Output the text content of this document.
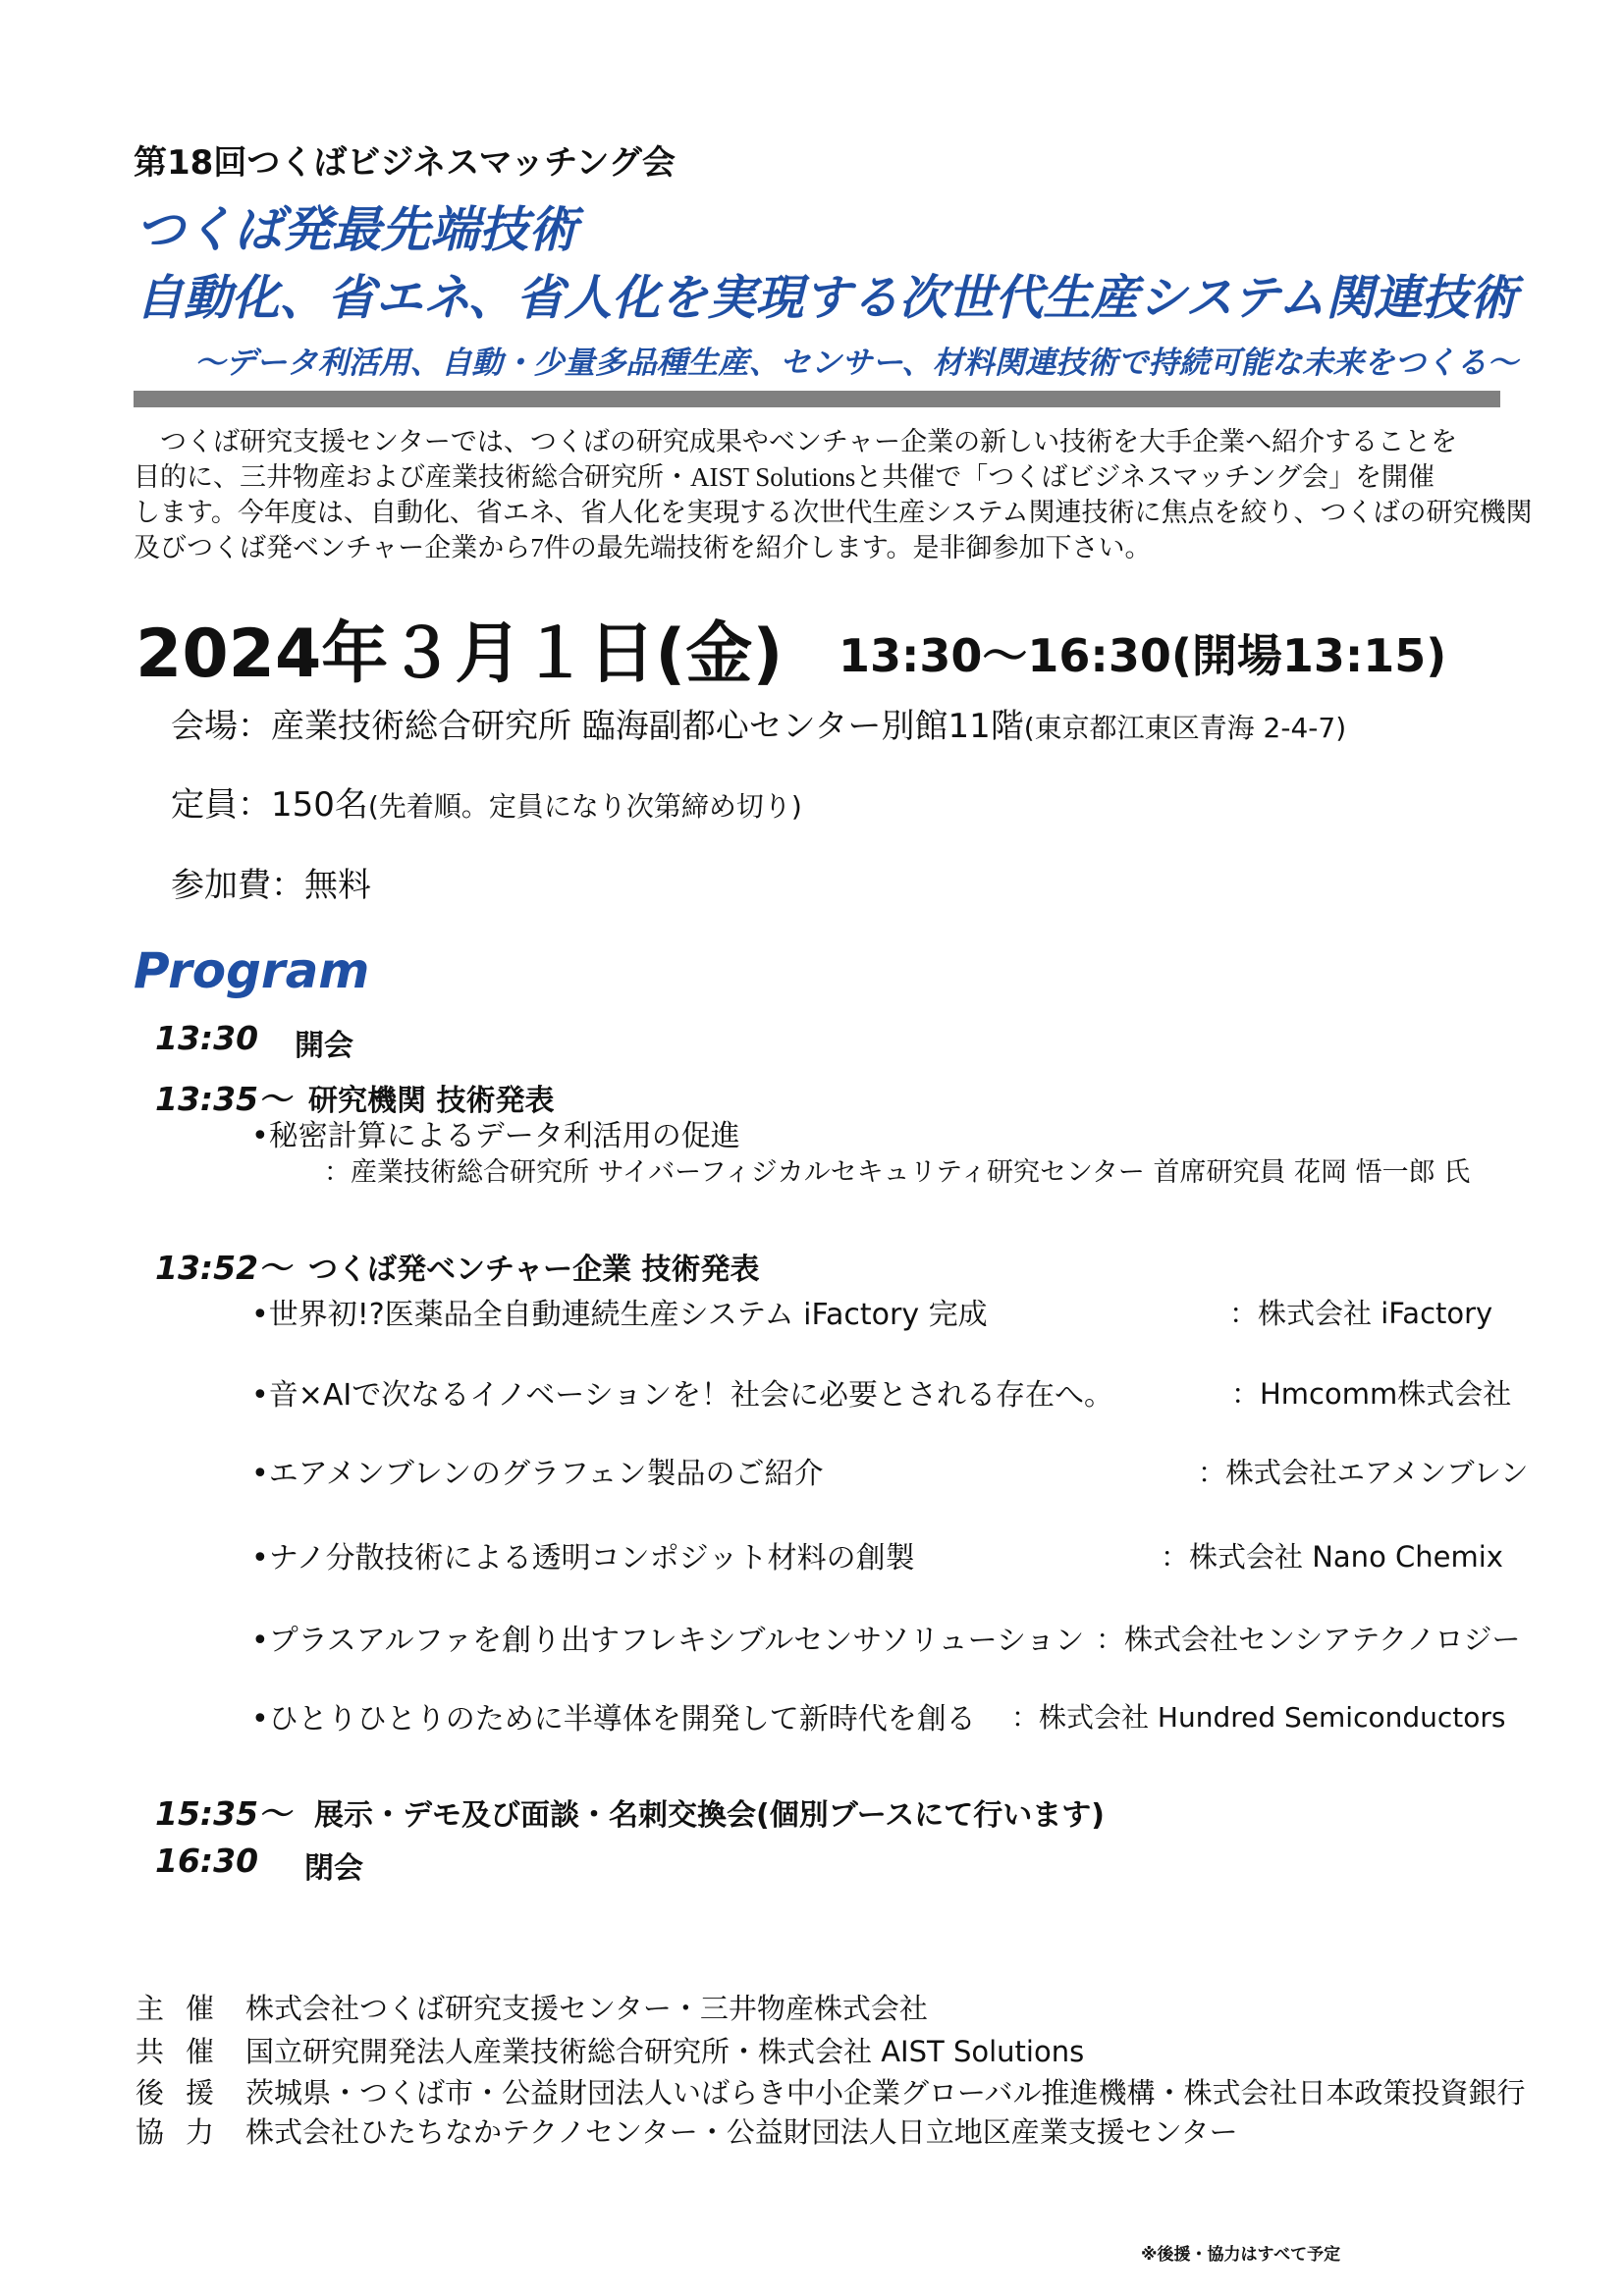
第18回つくばビジネスマッチング会
つくば発最先端技術
自動化、省エネ、省人化を実現する次世代生産システム関連技術
～データ利活用、自動・少量多品種生産、センサー、材料関連技術で持続可能な未来をつくる～
　つくば研究支援センターでは、つくばの研究成果やベンチャー企業の新しい技術を大手企業へ紹介することを
目的に、三井物産および産業技術総合研究所・AIST Solutionsと共催で「つくばビジネスマッチング会」を開催
します。今年度は、自動化、省エネ、省人化を実現する次世代生産システム関連技術に焦点を絞り、つくばの研究機関
及びつくば発ベンチャー企業から7件の最先端技術を紹介します。是非御参加下さい。
2024年３月１日(金) 13:30～16:30(開場13:15)
会場：産業技術総合研究所 臨海副都心センター別館11階(東京都江東区青海 2-4-7)
定員：150名(先着順。定員になり次第締め切り)
参加費：無料
Program
13:30 開会
13:35～ 研究機関 技術発表
•秘密計算によるデータ利活用の促進
：産業技術総合研究所 サイバーフィジカルセキュリティ研究センター 首席研究員 花岡 悟一郎 氏
13:52～ つくば発ベンチャー企業 技術発表
•世界初!?医薬品全自動連続生産システム iFactory 完成	：株式会社 iFactory
•音×AIで次なるイノベーションを！社会に必要とされる存在へ。	：Hmcomm株式会社
•エアメンブレンのグラフェン製品のご紹介	：株式会社エアメンブレン
•ナノ分散技術による透明コンポジット材料の創製	：株式会社 Nano Chemix
•プラスアルファを創り出すフレキシブルセンサソリューション ：株式会社センシアテクノロジー
•ひとりひとりのために半導体を開発して新時代を創る ：株式会社 Hundred Semiconductors
15:35～ 展示・デモ及び面談・名刺交換会(個別ブースにて行います)
16:30 閉会
主催 株式会社つくば研究支援センター・三井物産株式会社
共催 国立研究開発法人産業技術総合研究所・株式会社 AIST Solutions
後援 茨城県・つくば市・公益財団法人いばらき中小企業グローバル推進機構・株式会社日本政策投資銀行
協力 株式会社ひたちなかテクノセンター・公益財団法人日立地区産業支援センター
※後援・協力はすべて予定
